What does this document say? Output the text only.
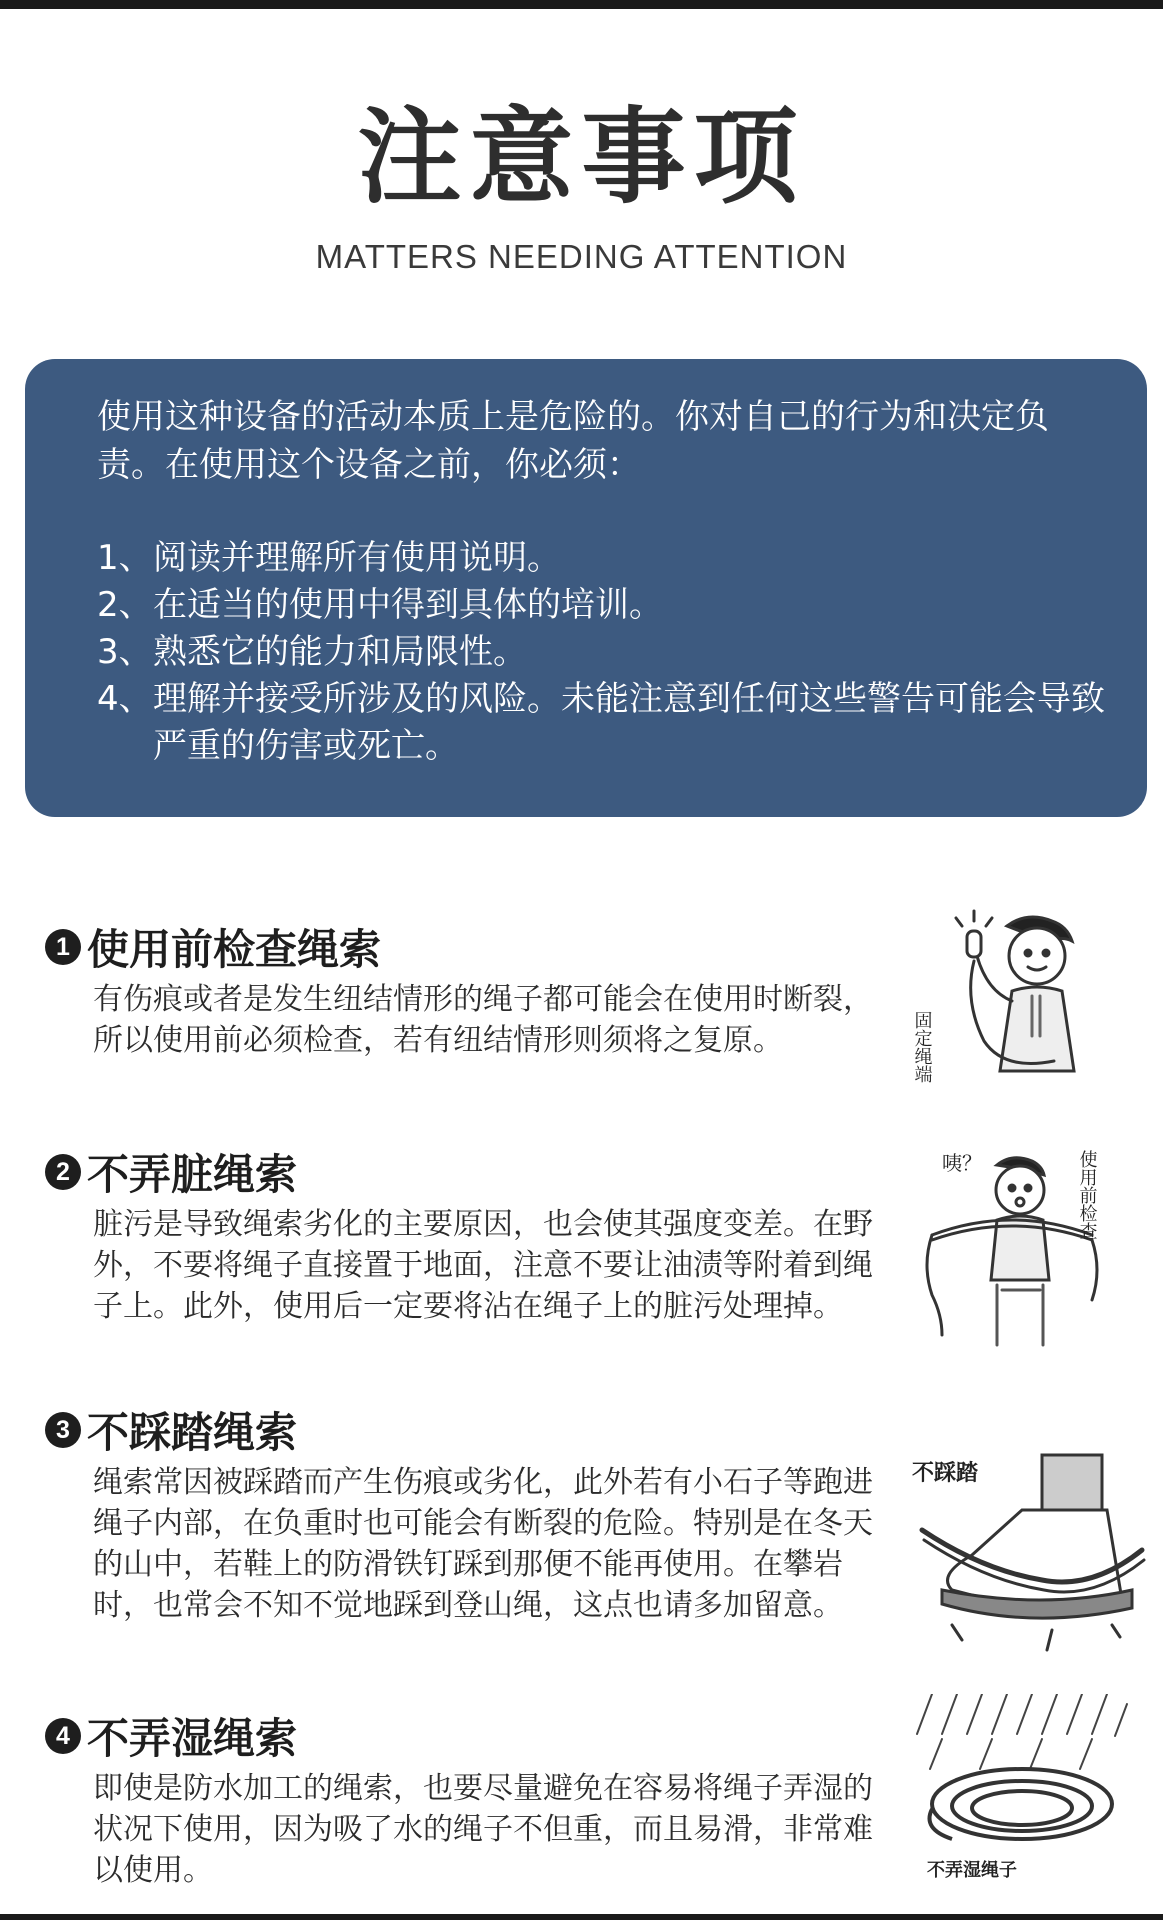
注意事项
MATTERS NEEDING ATTENTION
使用这种设备的活动本质上是危险的。你对自己的行为和决定负责。在使用这个设备之前，你必须：
1、 阅读并理解所有使用说明。
2、 在适当的使用中得到具体的培训。
3、 熟悉它的能力和局限性。
4、 理解并接受所涉及的风险。未能注意到任何这些警告可能会导致严重的伤害或死亡。
1 使用前检查绳索
有伤痕或者是发生纽结情形的绳子都可能会在使用时断裂，所以使用前必须检查，若有纽结情形则须将之复原。	固定绳端
2 不弄脏绳索
脏污是导致绳索劣化的主要原因，也会使其强度变差。在野外，不要将绳子直接置于地面，注意不要让油渍等附着到绳子上。此外，使用后一定要将沾在绳子上的脏污处理掉。
咦？	使用前检查
3 不踩踏绳索
绳索常因被踩踏而产生伤痕或劣化，此外若有小石子等跑进绳子内部，在负重时也可能会有断裂的危险。特别是在冬天的山中，若鞋上的防滑铁钉踩到那便不能再使用。在攀岩时，也常会不知不觉地踩到登山绳，这点也请多加留意。
不踩踏
4 不弄湿绳索
即使是防水加工的绳索，也要尽量避免在容易将绳子弄湿的状况下使用，因为吸了水的绳子不但重，而且易滑，非常难以使用。	不弄湿绳子
